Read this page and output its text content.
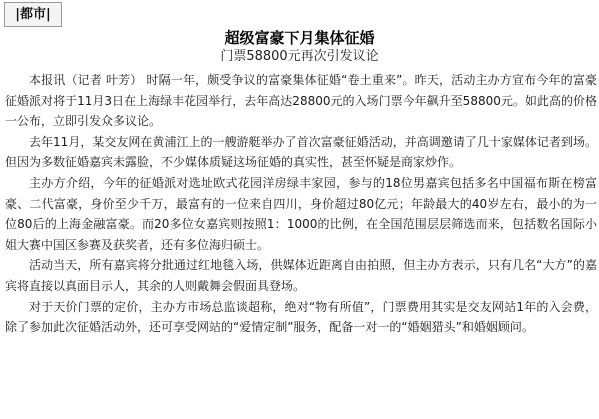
|都市|
超级富豪下月集体征婚
门票58800元再次引发议论

本报讯（记者 叶芳） 时隔一年，颇受争议的富豪集体征婚“卷土重来”。昨天，活动主办方宣布今年的富豪征婚派对将于11月3日在上海绿丰花园举行，去年高达28800元的入场门票今年飙升至58800元。如此高的价格一公布，立即引发众多议论。

去年11月，某交友网在黄浦江上的一艘游艇举办了首次富豪征婚活动，并高调邀请了几十家媒体记者到场。但因为多数征婚嘉宾未露脸，不少媒体质疑这场征婚的真实性，甚至怀疑是商家炒作。

主办方介绍，今年的征婚派对选址欧式花园洋房绿丰家园，参与的18位男嘉宾包括多名中国福布斯在榜富豪、二代富豪，身价至少千万，最富有的一位来自四川，身价超过80亿元；年龄最大的40岁左右，最小的为一位80后的上海金融富豪。而20多位女嘉宾则按照1：1000的比例，在全国范围层层筛选而来，包括数名国际小姐大赛中国区参赛及获奖者，还有多位海归硕士。

活动当天，所有嘉宾将分批通过红地毯入场，供媒体近距离自由拍照，但主办方表示，只有几名“大方”的嘉宾将直接以真面目示人，其余的人则戴舞会假面具登场。

对于天价门票的定价，主办方市场总监谈超称，绝对“物有所值”，门票费用其实是交友网站1年的入会费，除了参加此次征婚活动外，还可享受网站的“爱情定制”服务，配备一对一的“婚姻猎头”和婚姻顾问。
